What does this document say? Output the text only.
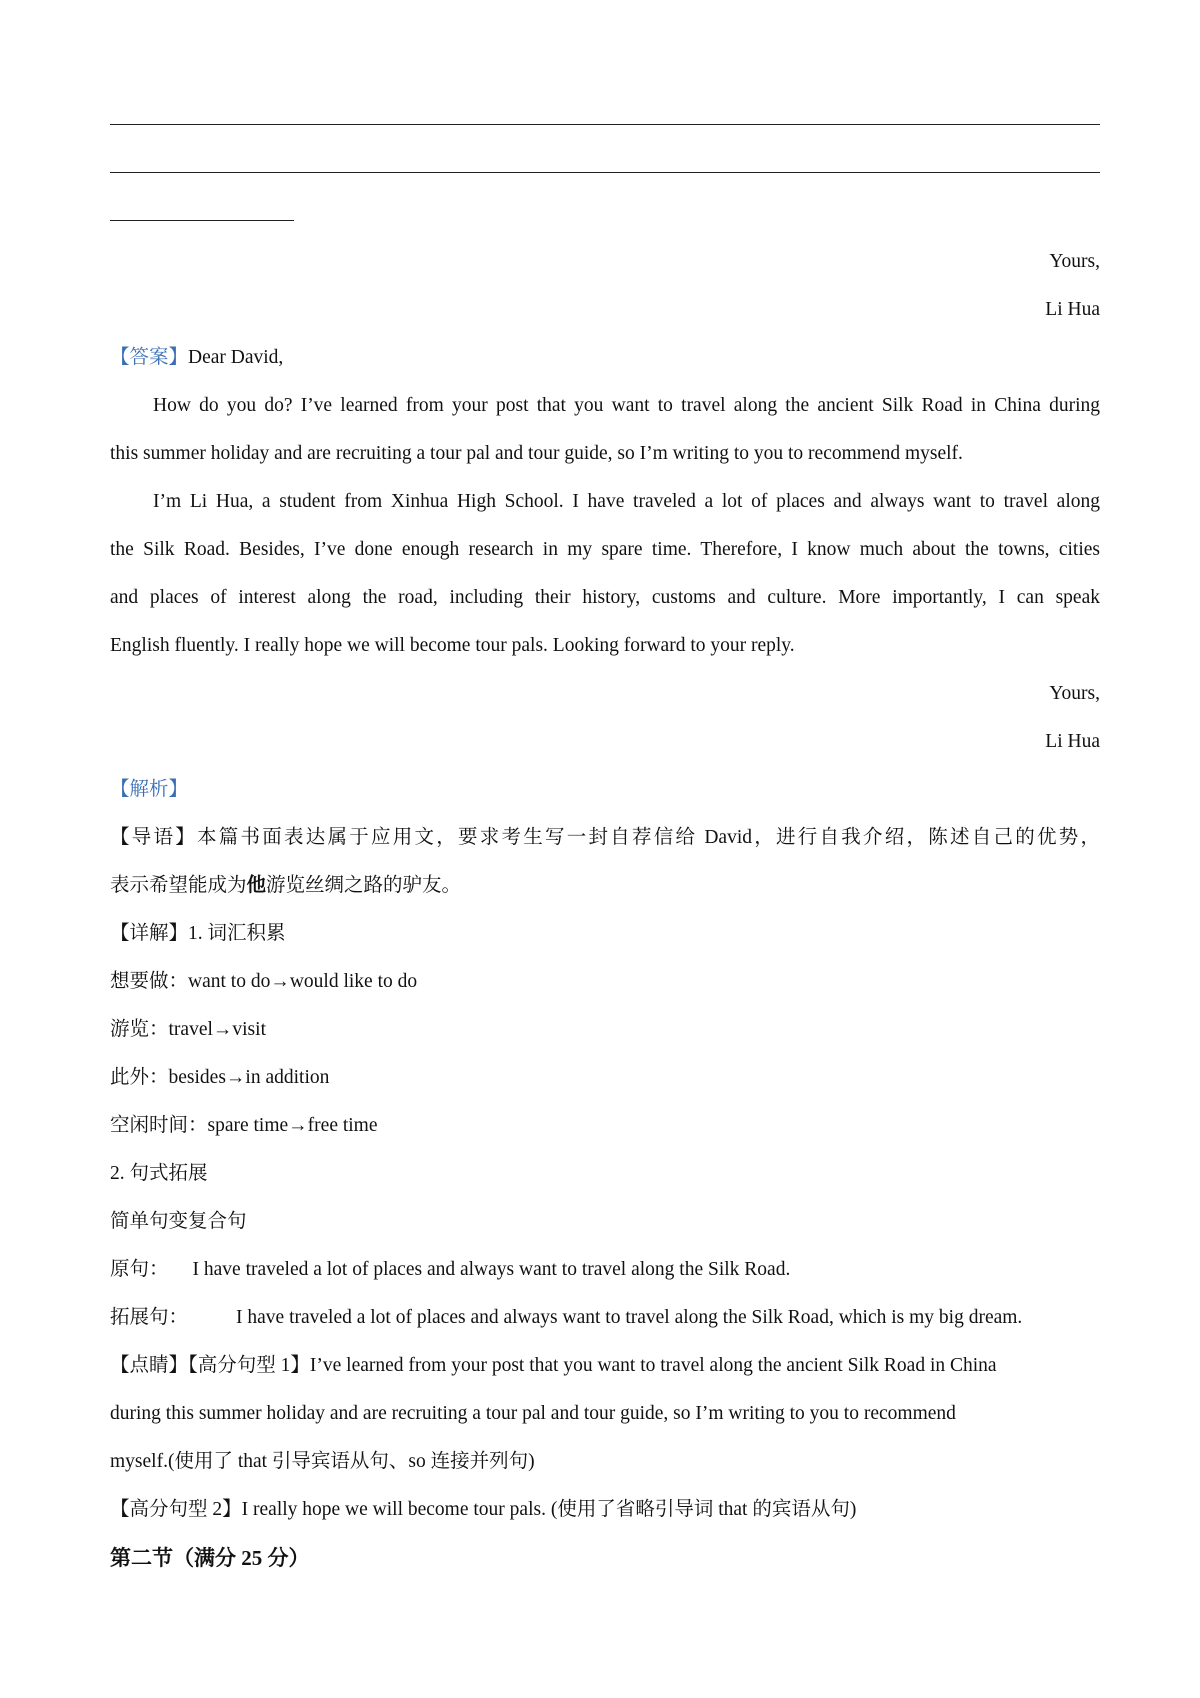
Yours,
Li Hua
【答案】Dear David,
How do you do? I’ve learned from your post that you want to travel along the ancient Silk Road in China during
this summer holiday and are recruiting a tour pal and tour guide, so I’m writing to you to recommend myself.
I’m Li Hua, a student from Xinhua High School. I have traveled a lot of places and always want to travel along
the Silk Road. Besides, I’ve done enough research in my spare time. Therefore, I know much about the towns, cities
and places of interest along the road, including their history, customs and culture. More importantly, I can speak
English fluently. I really hope we will become tour pals. Looking forward to your reply.
Yours,
Li Hua
【解析】
【导语】本篇书面表达属于应用文，要求考生写一封自荐信给 David，进行自我介绍，陈述自己的优势，
表示希望能成为他游览丝绸之路的驴友。
【详解】1. 词汇积累
想要做：want to do→would like to do
游览：travel→visit
此外：besides→in addition
空闲时间：spare time→free time
2. 句式拓展
简单句变复合句
原句： I have traveled a lot of places and always want to travel along the Silk Road.
拓展句： I have traveled a lot of places and always want to travel along the Silk Road, which is my big dream.
【点睛】【高分句型 1】I’ve learned from your post that you want to travel along the ancient Silk Road in China
during this summer holiday and are recruiting a tour pal and tour guide, so I’m writing to you to recommend
myself.(使用了 that 引导宾语从句、so 连接并列句)
【高分句型 2】I really hope we will become tour pals. (使用了省略引导词 that 的宾语从句)
第二节（满分 25 分）
